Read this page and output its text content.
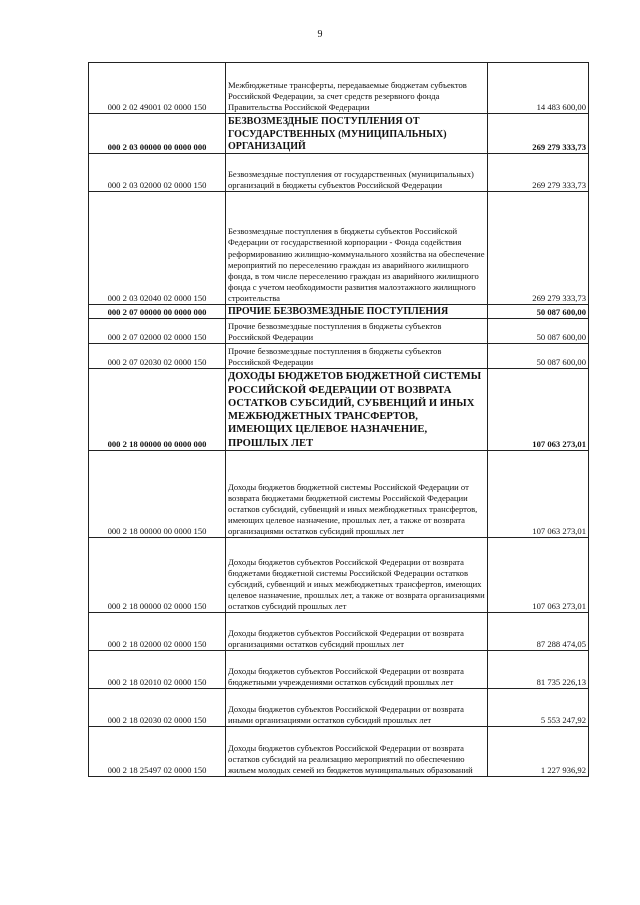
9
000 2 02 49001 02 0000 150	Межбюджетные трансферты, передаваемые бюджетам субъектов Российской Федерации, за счет средств резервного фонда Правительства Российской Федерации	14 483 600,00
000 2 03 00000 00 0000 000	БЕЗВОЗМЕЗДНЫЕ ПОСТУПЛЕНИЯ ОТ ГОСУДАРСТВЕННЫХ (МУНИЦИПАЛЬНЫХ) ОРГАНИЗАЦИЙ	269 279 333,73
000 2 03 02000 02 0000 150	Безвозмездные поступления от государственных (муниципальных) организаций в бюджеты субъектов Российской Федерации	269 279 333,73
000 2 03 02040 02 0000 150	Безвозмездные поступления в бюджеты субъектов Российской Федерации от государственной корпорации - Фонда содействия реформированию жилищно-коммунального хозяйства на обеспечение мероприятий по переселению граждан из аварийного жилищного фонда, в том числе переселению граждан из аварийного жилищного фонда с учетом необходимости развития малоэтажного жилищного строительства	269 279 333,73
000 2 07 00000 00 0000 000	ПРОЧИЕ БЕЗВОЗМЕЗДНЫЕ ПОСТУПЛЕНИЯ	50 087 600,00
000 2 07 02000 02 0000 150	Прочие безвозмездные поступления в бюджеты субъектов Российской Федерации	50 087 600,00
000 2 07 02030 02 0000 150	Прочие безвозмездные поступления в бюджеты субъектов Российской Федерации	50 087 600,00
000 2 18 00000 00 0000 000	ДОХОДЫ БЮДЖЕТОВ БЮДЖЕТНОЙ СИСТЕМЫ РОССИЙСКОЙ ФЕДЕРАЦИИ ОТ ВОЗВРАТА ОСТАТКОВ СУБСИДИЙ, СУБВЕНЦИЙ И ИНЫХ МЕЖБЮДЖЕТНЫХ ТРАНСФЕРТОВ, ИМЕЮЩИХ ЦЕЛЕВОЕ НАЗНАЧЕНИЕ, ПРОШЛЫХ ЛЕТ	107 063 273,01
000 2 18 00000 00 0000 150	Доходы бюджетов бюджетной системы Российской Федерации от возврата бюджетами бюджетной системы Российской Федерации остатков субсидий, субвенций и иных межбюджетных трансфертов, имеющих целевое назначение, прошлых лет, а также от возврата организациями остатков субсидий прошлых лет	107 063 273,01
000 2 18 00000 02 0000 150	Доходы бюджетов субъектов Российской Федерации от возврата бюджетами бюджетной системы Российской Федерации остатков субсидий, субвенций и иных межбюджетных трансфертов, имеющих целевое назначение, прошлых лет, а также от возврата организациями остатков субсидий прошлых лет	107 063 273,01
000 2 18 02000 02 0000 150	Доходы бюджетов субъектов Российской Федерации от возврата организациями остатков субсидий прошлых лет	87 288 474,05
000 2 18 02010 02 0000 150	Доходы бюджетов субъектов Российской Федерации от возврата бюджетными учреждениями остатков субсидий прошлых лет	81 735 226,13
000 2 18 02030 02 0000 150	Доходы бюджетов субъектов Российской Федерации от возврата иными организациями остатков субсидий прошлых лет	5 553 247,92
000 2 18 25497 02 0000 150	Доходы бюджетов субъектов Российской Федерации от возврата остатков субсидий на реализацию мероприятий по обеспечению жильем молодых семей из бюджетов муниципальных образований	1 227 936,92
